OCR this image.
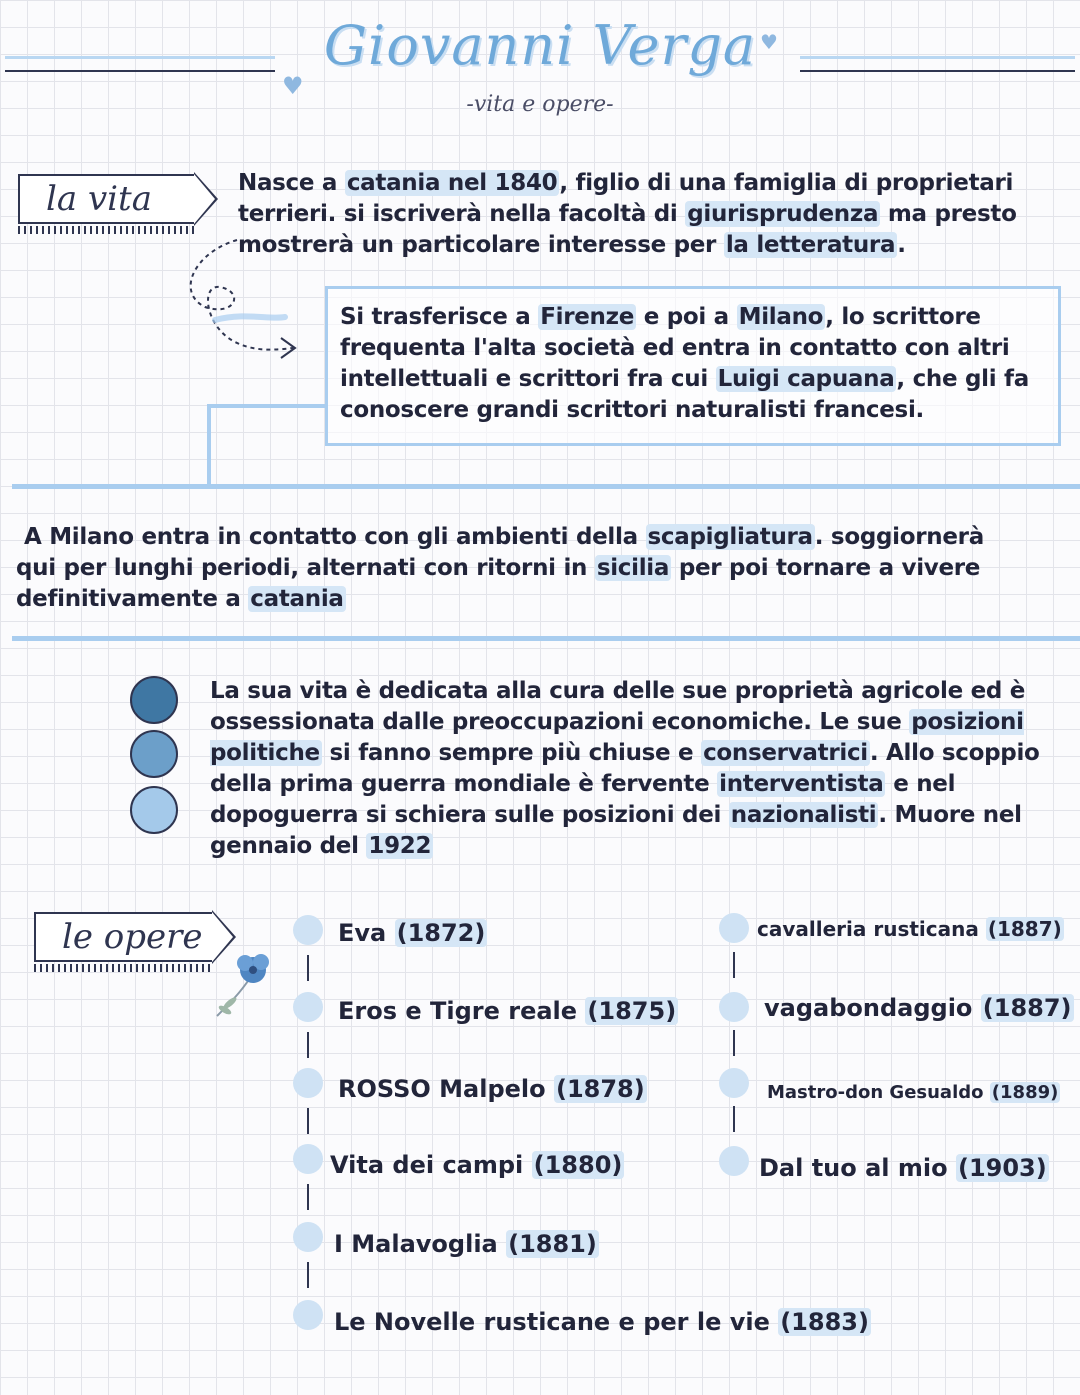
♥
♥
Giovanni Verga
-vita e opere-
la vita	Nasce a catania nel 1840, figlio di una famiglia di proprietari terrieri. si iscriverà nella facoltà di giurisprudenza ma presto mostrerà un particolare interesse per la letteratura.
Si trasferisce a Firenze e poi a Milano, lo scrittore frequenta l'alta società ed entra in contatto con altri intellettuali e scrittori fra cui Luigi capuana, che gli fa conoscere grandi scrittori naturalisti francesi.
A Milano entra in contatto con gli ambienti della scapigliatura. soggiornerà qui per lunghi periodi, alternati con ritorni in sicilia per poi tornare a vivere definitivamente a catania
La sua vita è dedicata alla cura delle sue proprietà agricole ed è ossessionata dalle preoccupazioni economiche. Le sue posizioni politiche si fanno sempre più chiuse e conservatrici. Allo scoppio della prima guerra mondiale è fervente interventista e nel dopoguerra si schiera sulle posizioni dei nazionalisti. Muore nel gennaio del 1922
le opere	Eva (1872)
Eros e Tigre reale (1875)
ROSSO Malpelo (1878)
Vita dei campi (1880)
I Malavoglia (1881)
Le Novelle rusticane e per le vie (1883)
cavalleria rusticana (1887)
vagabondaggio (1887)
Mastro-don Gesualdo (1889)
Dal tuo al mio (1903)
